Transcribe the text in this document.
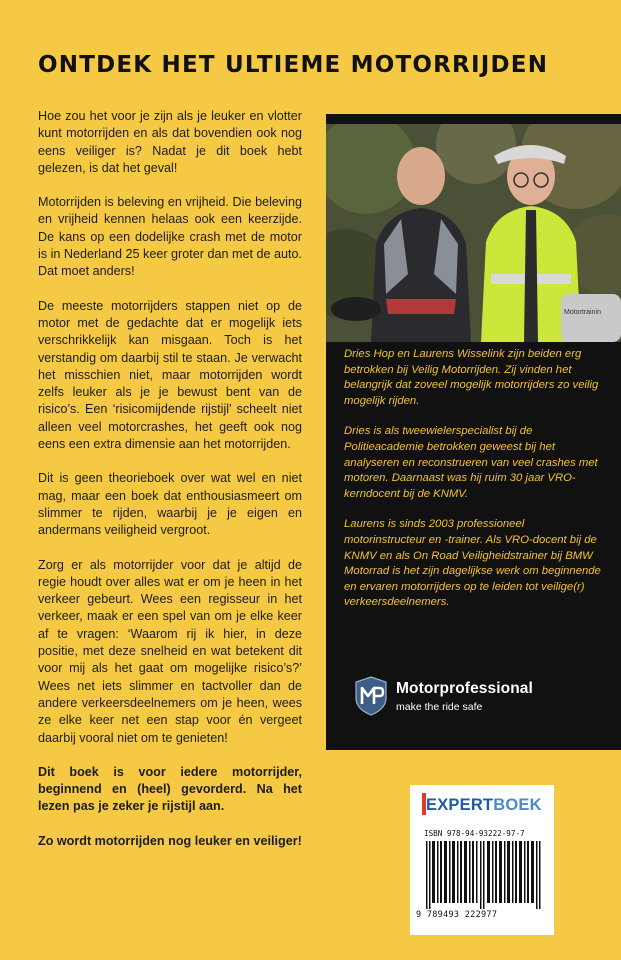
ONTDEK HET ULTIEME MOTORRIJDEN

Hoe zou het voor je zijn als je leuker en vlotter kunt motorrijden en als dat bovendien ook nog eens veiliger is? Nadat je dit boek hebt gelezen, is dat het geval!

Motorrijden is beleving en vrijheid. Die beleving en vrijheid kennen helaas ook een keerzijde. De kans op een dodelijke crash met de motor is in Nederland 25 keer groter dan met de auto. Dat moet anders!

De meeste motorrijders stappen niet op de motor met de gedachte dat er mogelijk iets verschrikkelijk kan misgaan. Toch is het verstandig om daarbij stil te staan. Je verwacht het misschien niet, maar motorrijden wordt zelfs leuker als je je bewust bent van de risico’s. Een ‘risicomijdende rijstijl’ scheelt niet alleen veel motorcrashes, het geeft ook nog eens een extra dimensie aan het motorrijden.

Dit is geen theorieboek over wat wel en niet mag, maar een boek dat enthousiasmeert om slimmer te rijden, waarbij je je eigen en andermans veiligheid vergroot.

Zorg er als motorrijder voor dat je altijd de regie houdt over alles wat er om je heen in het verkeer gebeurt. Wees een regisseur in het verkeer, maak er een spel van om je elke keer af te vragen: ‘Waarom rij ik hier, in deze positie, met deze snelheid en wat betekent dit voor mij als het gaat om mogelijke risico’s?’ Wees net iets slimmer en tactvoller dan de andere verkeersdeelnemers om je heen, wees ze elke keer net een stap voor én vergeet daarbij vooral niet om te genieten!

Dit boek is voor iedere motorrijder, beginnend en (heel) gevorderd. Na het lezen pas je zeker je rijstijl aan.

Zo wordt motorrijden nog leuker en veiliger!

Motortrainin

Dries Hop en Laurens Wisselink zijn beiden erg betrokken bij Veilig Motorrijden. Zij vinden het belangrijk dat zoveel mogelijk motorrijders zo veilig mogelijk rijden.

Dries is als tweewielerspecialist bij de Politieacademie betrokken geweest bij het analyseren en reconstrueren van veel crashes met motoren. Daarnaast was hij ruim 30 jaar VRO-kerndocent bij de KNMV.

Laurens is sinds 2003 professioneel motorinstructeur en -trainer. Als VRO-docent bij de KNMV en als On Road Veiligheidstrainer bij BMW Motorrad is het zijn dagelijkse werk om beginnende en ervaren motorrijders op te leiden tot veilige(r) verkeersdeelnemers.

Motorprofessional
make the ride safe
EXPERTBOEK
ISBN 978-94-93222-97-7
9 789493 222977
